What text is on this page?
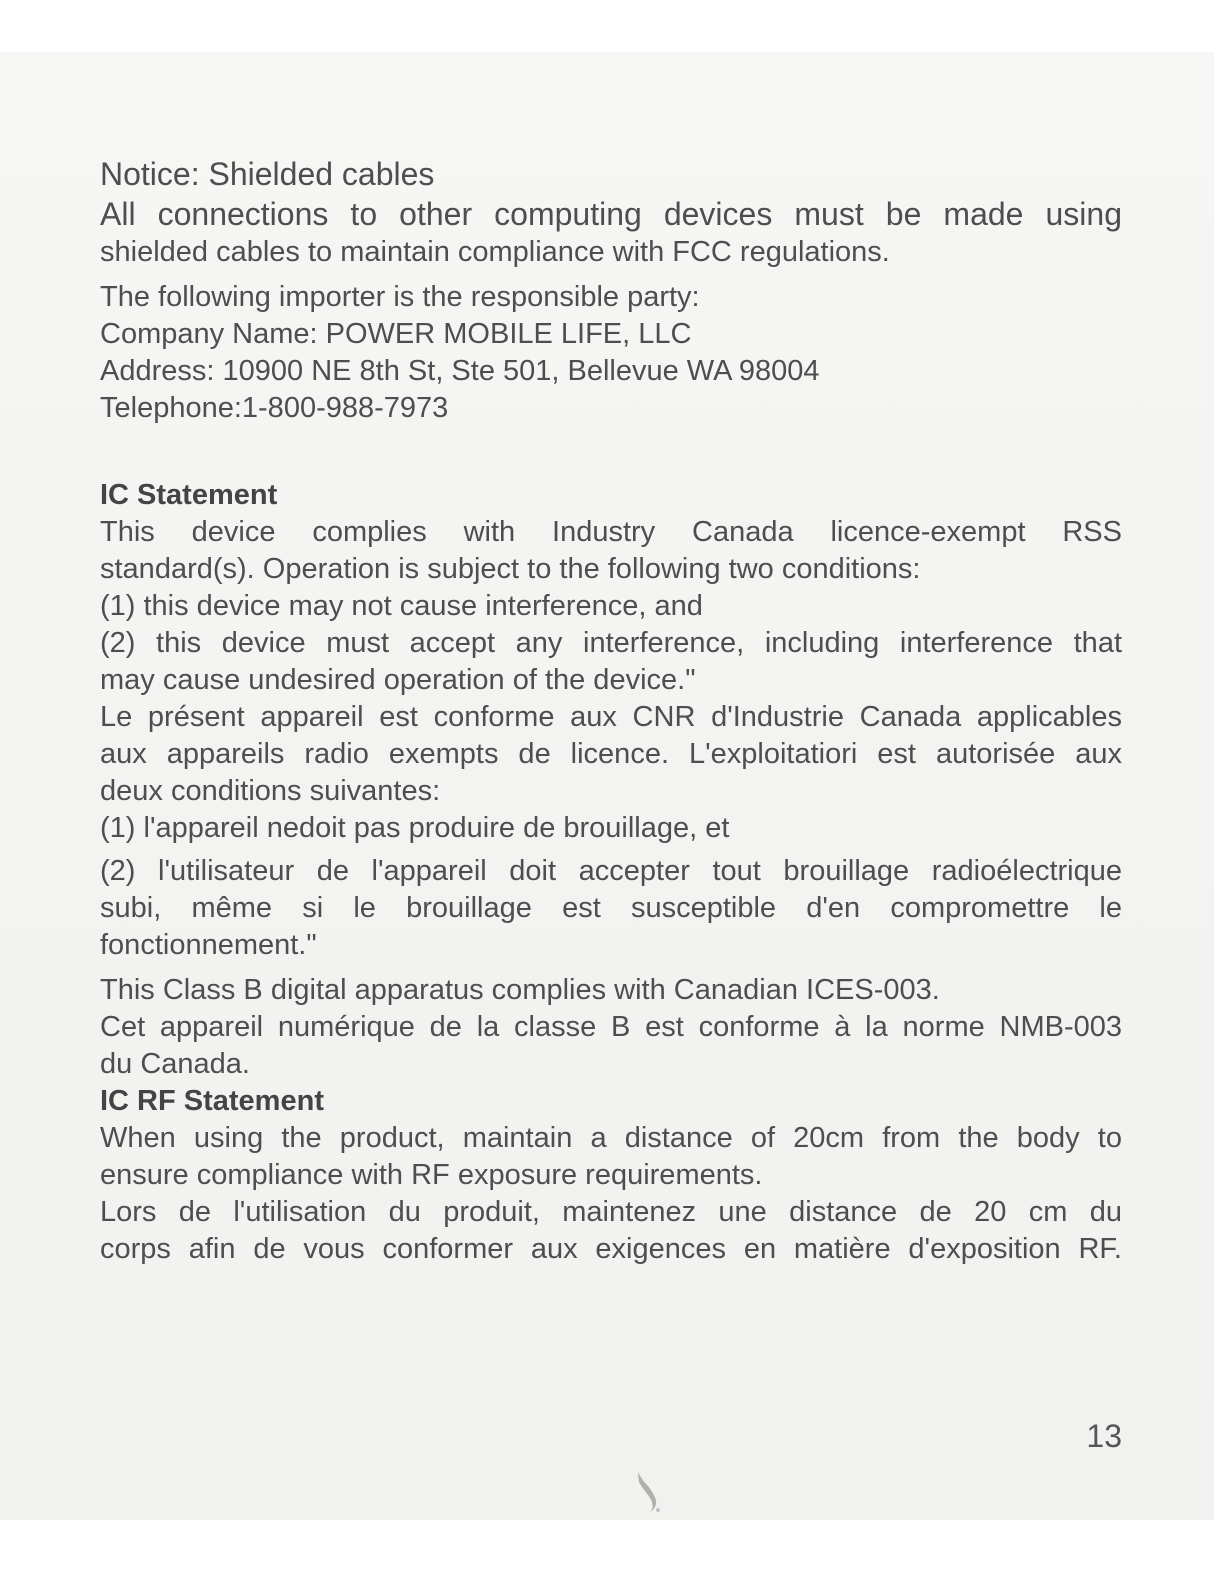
Notice: Shielded cables

All connections to other computing devices must be made using

shielded cables to maintain compliance with FCC regulations.

The following importer is the responsible party:

Company Name: POWER MOBILE LIFE, LLC

Address: 10900 NE 8th St, Ste 501, Bellevue WA 98004

Telephone:1-800-988-7973

IC Statement

This device complies with Industry Canada licence-exempt RSS

standard(s). Operation is subject to the following two conditions:

(1) this device may not cause interference, and

(2) this device must accept any interference, including interference that

may cause undesired operation of the device."

Le présent appareil est conforme aux CNR d'Industrie Canada applicables

aux appareils radio exempts de licence. L'exploitatiori est autorisée aux

deux conditions suivantes:

(1) l'appareil nedoit pas produire de brouillage, et

(2) l'utilisateur de l'appareil doit accepter tout brouillage radioélectrique

subi, même si le brouillage est susceptible d'en compromettre le

fonctionnement."

This Class B digital apparatus complies with Canadian ICES-003.

Cet appareil numérique de la classe B est conforme à la norme NMB-003

du Canada.

IC RF Statement

When using the product, maintain a distance of 20cm from the body to

ensure compliance with RF exposure requirements.

Lors de l'utilisation du produit, maintenez une distance de 20 cm du

corps afin de vous conformer aux exigences en matière d'exposition RF.

13
